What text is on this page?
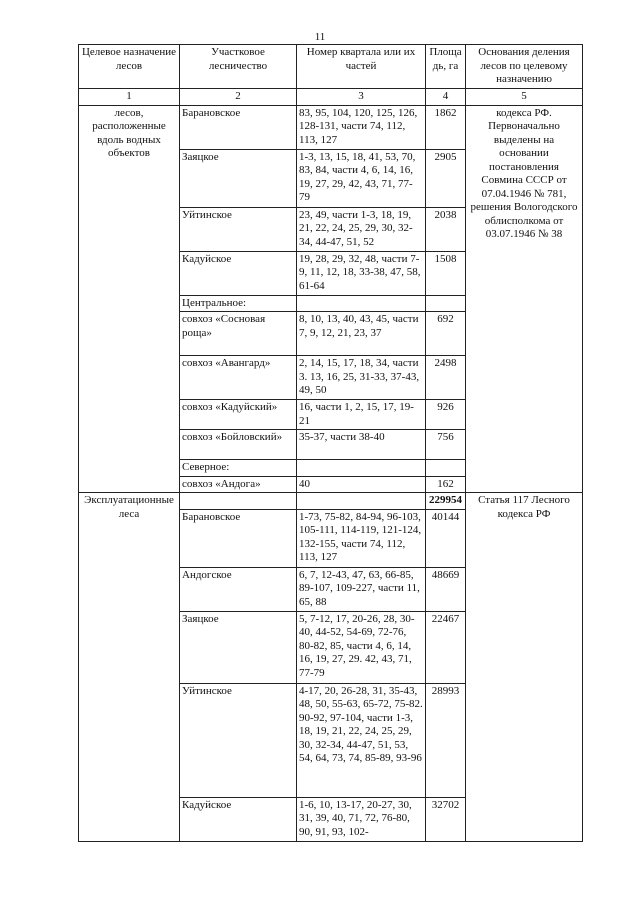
11
Целевое назначение лесов	Участковое лесничество	Номер квартала или их частей	Площа дь, га	Основания деления лесов по целевому назначению
1	2	3	4	5
лесов, расположенные вдоль водных объектов	Барановское	83, 95, 104, 120, 125, 126, 128-131, части 74, 112, 113, 127	1862	кодекса РФ. Первоначально выделены на основании постановления Совмина СССР от 07.04.1946 № 781, решения Вологодского облисполкома от 03.07.1946 № 38
	Заяцкое	1-3, 13, 15, 18, 41, 53, 70, 83, 84, части 4, 6, 14, 16, 19, 27, 29, 42, 43, 71, 77-79	2905	
	Уйтинское	23, 49, части 1-3, 18, 19, 21, 22, 24, 25, 29, 30, 32-34, 44-47, 51, 52	2038	
	Кадуйское	19, 28, 29, 32, 48, части 7-9, 11, 12, 18, 33-38, 47, 58, 61-64	1508	
	Центральное:			
	совхоз «Сосновая роща»	8, 10, 13, 40, 43, 45, части 7, 9, 12, 21, 23, 37	692	
	совхоз «Авангард»	2, 14, 15, 17, 18, 34, части 3. 13, 16, 25, 31-33, 37-43, 49, 50	2498	
	совхоз «Кадуйский»	16, части 1, 2, 15, 17, 19-21	926	
	совхоз «Бойловский»	35-37, части 38-40	756	
	Северное:			
	совхоз «Андога»	40	162	
Эксплуатационные леса			229954	Статья 117 Лесного кодекса РФ
	Барановское	1-73, 75-82, 84-94, 96-103, 105-111, 114-119, 121-124, 132-155, части 74, 112, 113, 127	40144	
	Андогское	6, 7, 12-43, 47, 63, 66-85, 89-107, 109-227, части 11, 65, 88	48669	
	Заяцкое	5, 7-12, 17, 20-26, 28, 30-40, 44-52, 54-69, 72-76, 80-82, 85, части 4, 6, 14, 16, 19, 27, 29. 42, 43, 71, 77-79	22467	
	Уйтинское	4-17, 20, 26-28, 31, 35-43, 48, 50, 55-63, 65-72, 75-82. 90-92, 97-104, части 1-3, 18, 19, 21, 22, 24, 25, 29, 30, 32-34, 44-47, 51, 53, 54, 64, 73, 74, 85-89, 93-96	28993	
	Кадуйское	1-6, 10, 13-17, 20-27, 30, 31, 39, 40, 71, 72, 76-80, 90, 91, 93, 102-	32702	
